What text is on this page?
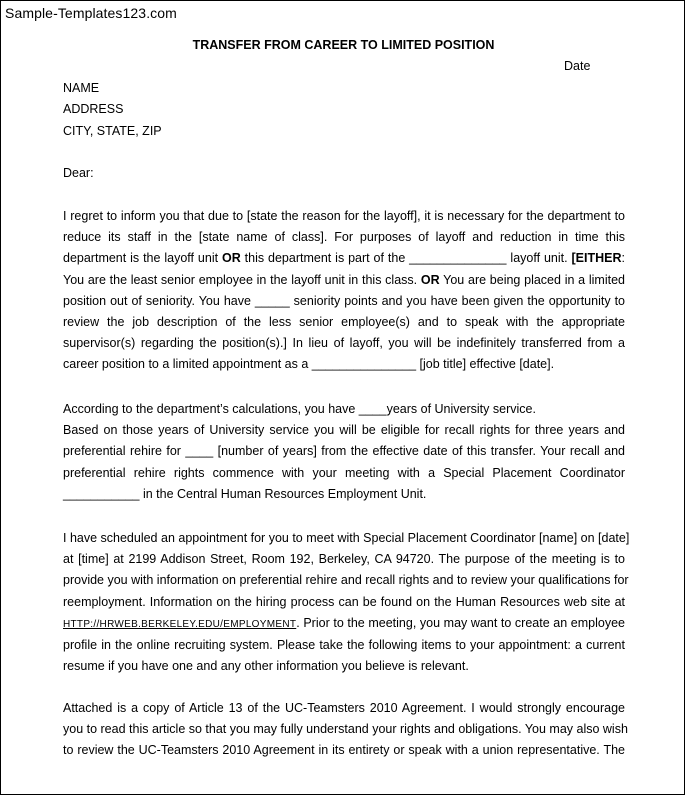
Sample-Templates123.com
TRANSFER FROM CAREER TO LIMITED POSITION
Date
NAME
ADDRESS
CITY, STATE, ZIP
Dear:
I regret to inform you that due to [state the reason for the layoff], it is necessary for the department to
reduce its staff in the [state name of class]. For purposes of layoff and reduction in time this
department is the layoff unit OR this department is part of the ______________ layoff unit. [EITHER:
You are the least senior employee in the layoff unit in this class. OR You are being placed in a limited
position out of seniority. You have _____ seniority points and you have been given the opportunity to
review the job description of the less senior employee(s) and to speak with the appropriate
supervisor(s) regarding the position(s).] In lieu of layoff, you will be indefinitely transferred from a
career position to a limited appointment as a _______________ [job title] effective [date].
According to the department’s calculations, you have ____years of University service.
Based on those years of University service you will be eligible for recall rights for three years and
preferential rehire for ____ [number of years] from the effective date of this transfer. Your recall and
preferential rehire rights commence with your meeting with a Special Placement Coordinator
___________ in the Central Human Resources Employment Unit.
I have scheduled an appointment for you to meet with Special Placement Coordinator [name] on [date]
at [time] at 2199 Addison Street, Room 192, Berkeley, CA 94720. The purpose of the meeting is to
provide you with information on preferential rehire and recall rights and to review your qualifications for
reemployment. Information on the hiring process can be found on the Human Resources web site at
HTTP://HRWEB.BERKELEY.EDU/EMPLOYMENT. Prior to the meeting, you may want to create an employee
profile in the online recruiting system. Please take the following items to your appointment: a current
resume if you have one and any other information you believe is relevant.
Attached is a copy of Article 13 of the UC-Teamsters 2010 Agreement. I would strongly encourage
you to read this article so that you may fully understand your rights and obligations. You may also wish
to review the UC-Teamsters 2010 Agreement in its entirety or speak with a union representative. The
